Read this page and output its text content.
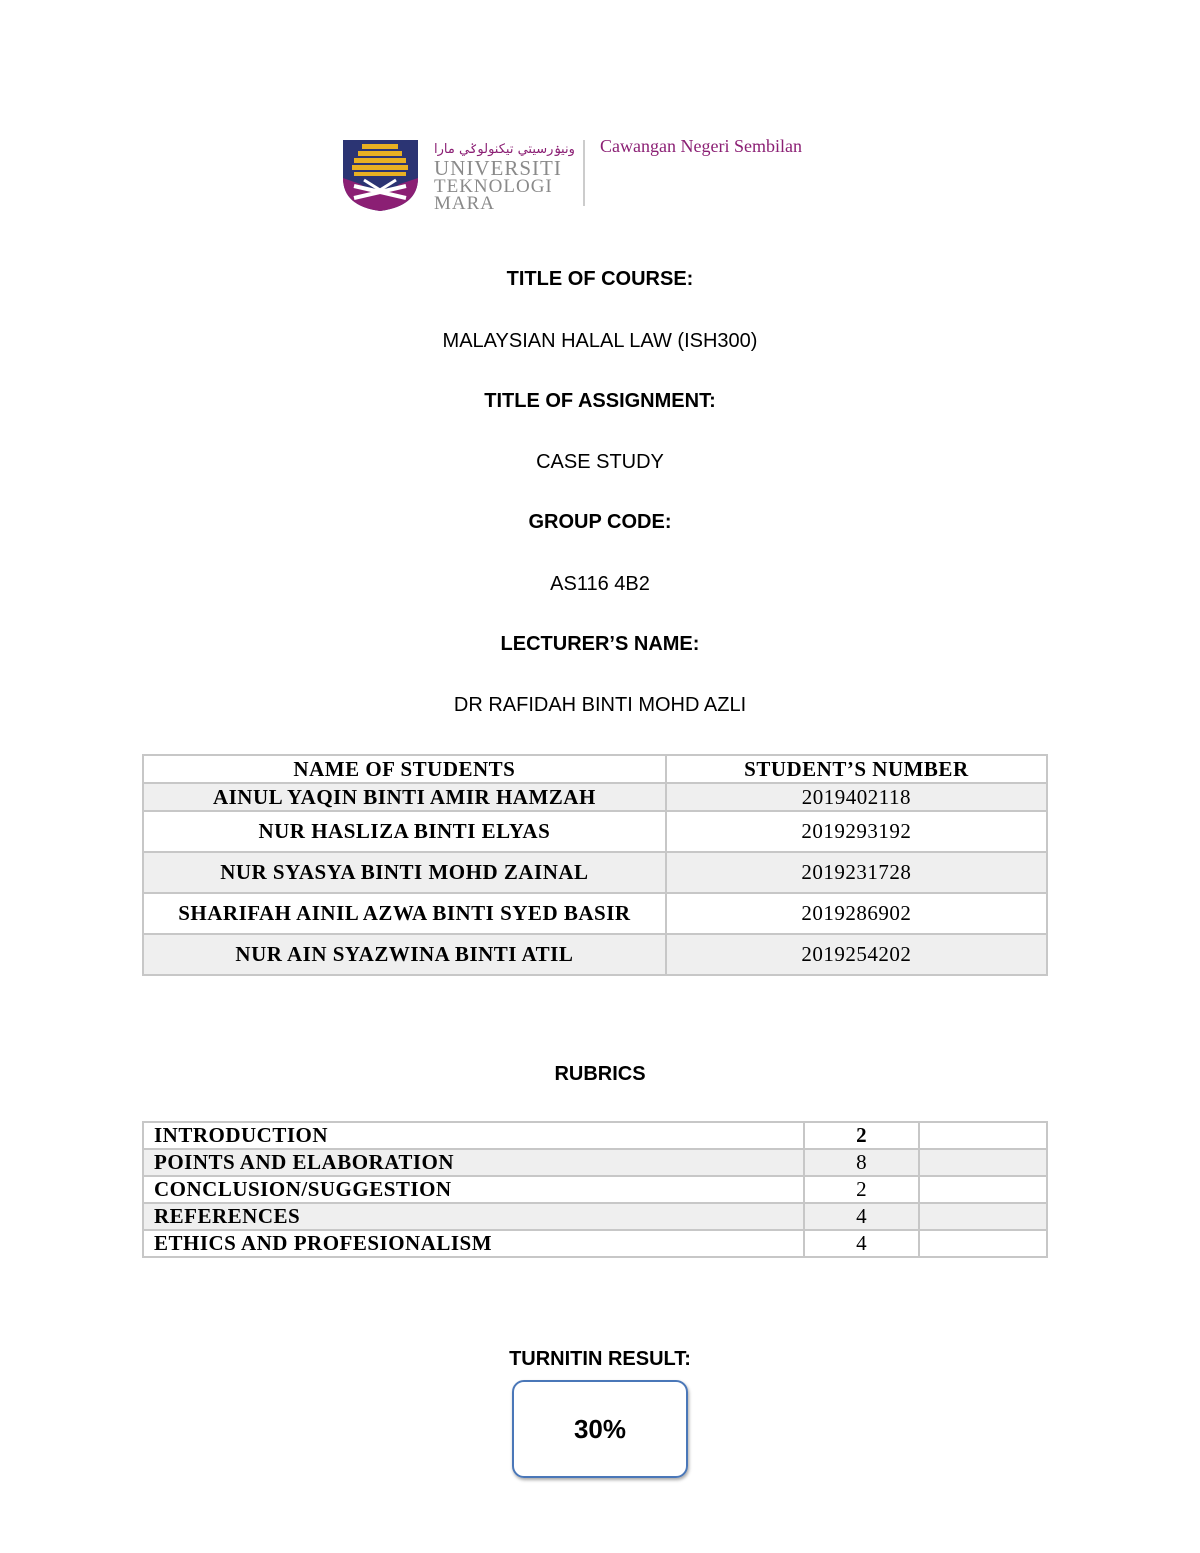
ونيۏرسيتي تيكنولوݢي مارا
UNIVERSITI
TEKNOLOGI
MARA
Cawangan Negeri Sembilan
TITLE OF COURSE:
MALAYSIAN HALAL LAW (ISH300)
TITLE OF ASSIGNMENT:
CASE STUDY
GROUP CODE:
AS116 4B2
LECTURER’S NAME:
DR RAFIDAH BINTI MOHD AZLI
NAME OF STUDENTS	STUDENT’S NUMBER
AINUL YAQIN BINTI AMIR HAMZAH	2019402118
NUR HASLIZA BINTI ELYAS	2019293192
NUR SYASYA BINTI MOHD ZAINAL	2019231728
SHARIFAH AINIL AZWA BINTI SYED BASIR	2019286902
NUR AIN SYAZWINA BINTI ATIL	2019254202
RUBRICS
INTRODUCTION	2	
POINTS AND ELABORATION	8	
CONCLUSION/SUGGESTION	2	
REFERENCES	4	
ETHICS AND PROFESIONALISM	4	
TURNITIN RESULT:
30%
